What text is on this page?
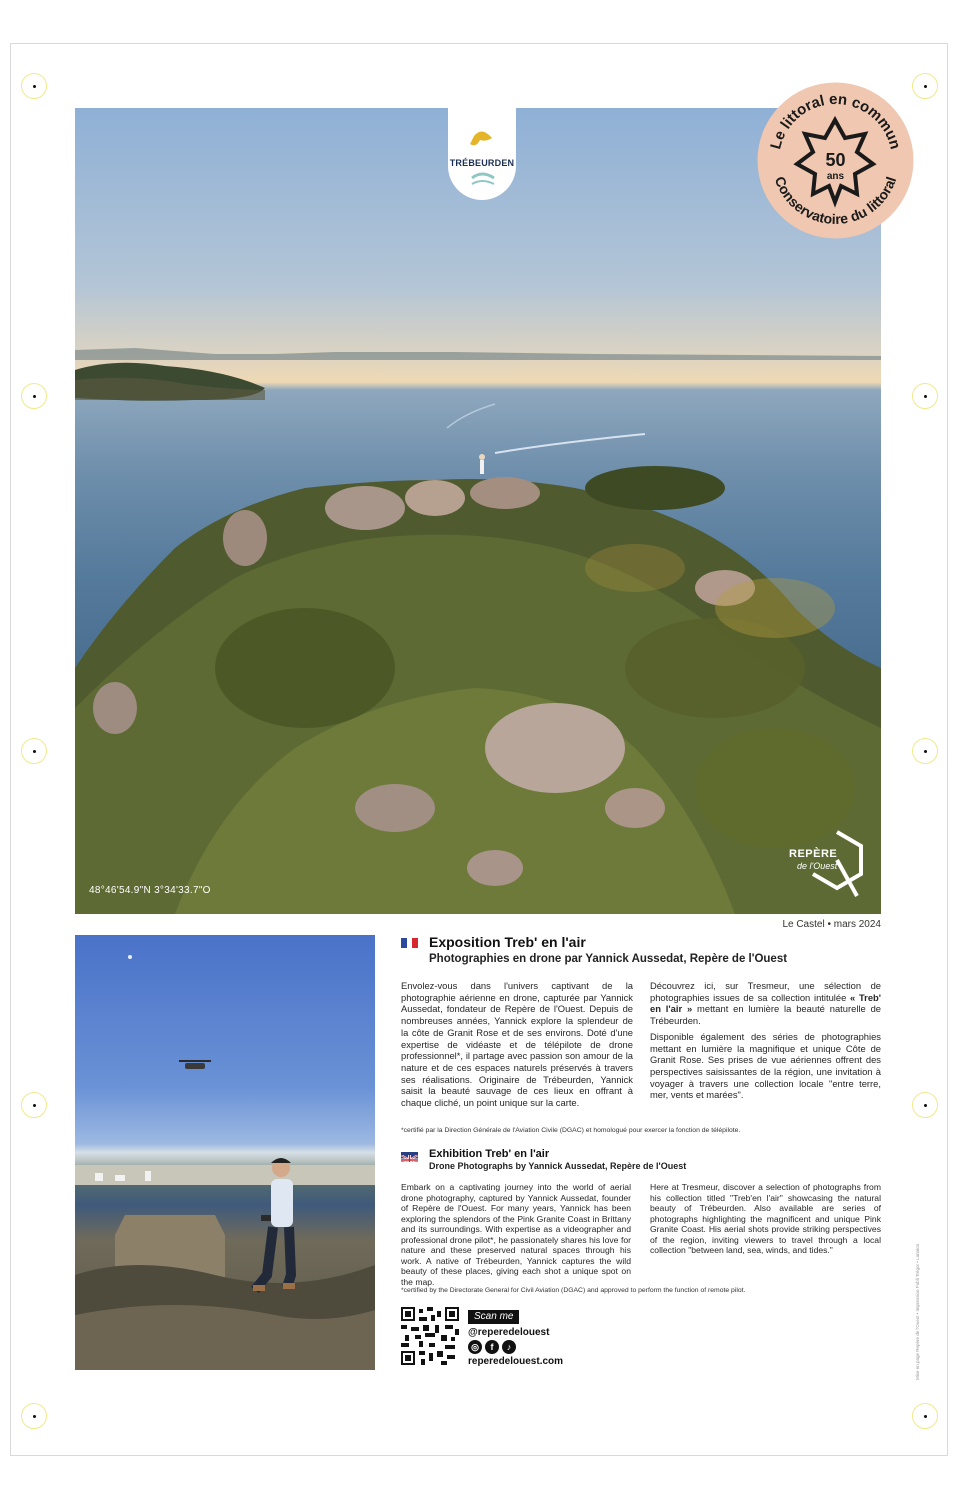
TRÉBEURDEN
48°46'54.9"N 3°34'33.7"O
REPÈRE
de l'Ouest
Le littoral en commun
Conservatoire du littoral
50
ans
Le Castel • mars 2024
Exposition Treb' en l'air
Photographies en drone par Yannick Aussedat, Repère de l'Ouest

Envolez-vous dans l'univers captivant de la photographie aérienne en drone, capturée par Yannick Aussedat, fondateur de Repère de l'Ouest. Depuis de nombreuses années, Yannick explore la splendeur de la côte de Granit Rose et de ses environs. Doté d'une expertise de vidéaste et de télépilote de drone professionnel*, il partage avec passion son amour de la nature et de ces espaces naturels préservés à travers ses réalisations. Originaire de Trébeurden, Yannick saisit la beauté sauvage de ces lieux en offrant à chaque cliché, un point unique sur la carte.

Découvrez ici, sur Tresmeur, une sélection de photographies issues de sa collection intitulée « Treb' en l'air » mettant en lumière la beauté naturelle de Trébeurden.

Disponible également des séries de photographies mettant en lumière la magnifique et unique Côte de Granit Rose. Ses prises de vue aériennes offrent des perspectives saisissantes de la région, une invitation à voyager à travers une collection locale "entre terre, mer, vents et marées".

*certifié par la Direction Générale de l'Aviation Civile (DGAC) et homologué pour exercer la fonction de télépilote.
Exhibition Treb' en l'air
Drone Photographs by Yannick Aussedat, Repère de l'Ouest
Embark on a captivating journey into the world of aerial drone photography, captured by Yannick Aussedat, founder of Repère de l'Ouest. For many years, Yannick has been exploring the splendors of the Pink Granite Coast in Brittany and its surroundings. With expertise as a videographer and professional drone pilot*, he passionately shares his love for nature and these preserved natural spaces through his work. A native of Trébeurden, Yannick captures the wild beauty of these places, giving each shot a unique spot on the map.
Here at Tresmeur, discover a selection of photographs from his collection titled "Treb'en l'air" showcasing the natural beauty of Trébeurden. Also available are series of photographs highlighting the magnificent and unique Pink Granite Coast. His aerial shots provide striking perspectives of the region, inviting viewers to travel through a local collection "between land, sea, winds, and tides."
*certified by the Directorate General for Civil Aviation (DGAC) and approved to perform the function of remote pilot.
Scan me
@reperedelouest
◎	f	♪
reperedelouest.com	Mise en page Repère de l'Ouest • Impression Publi Trégor • Lannion
